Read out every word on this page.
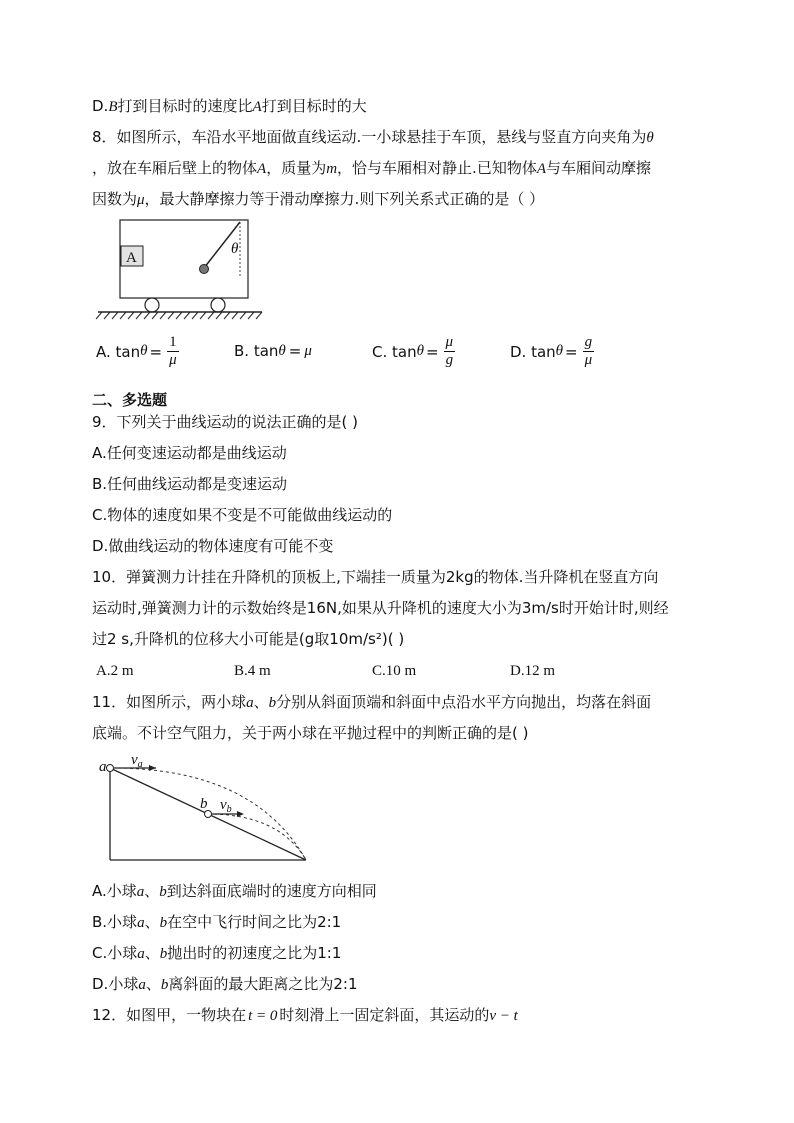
D.B打到目标时的速度比A打到目标时的大
8．如图所示，车沿水平地面做直线运动.一小球悬挂于车顶，悬线与竖直方向夹角为θ
，放在车厢后壁上的物体A，质量为m，恰与车厢相对静止.已知物体A与车厢间动摩擦
因数为μ，最大静摩擦力等于滑动摩擦力.则下列关系式正确的是（ ）
A
θ
A. $\tan \theta = \frac{1}{\mu}$	B. tan θ = μ	C. $\tan \theta = \frac{\mu}{g}$	D. $\tan \theta = \frac{g}{\mu}$
二、多选题
9．下列关于曲线运动的说法正确的是( )
A.任何变速运动都是曲线运动
B.任何曲线运动都是变速运动
C.物体的速度如果不变是不可能做曲线运动的
D.做曲线运动的物体速度有可能不变
10．弹簧测力计挂在升降机的顶板上,下端挂一质量为2kg的物体.当升降机在竖直方向
运动时,弹簧测力计的示数始终是16N,如果从升降机的速度大小为3m/s时开始计时,则经
过2 s,升降机的位移大小可能是(g取10m/s²)( )
A.2 m	B.4 m	C.10 m	D.12 m
11．如图所示，两小球a、b分别从斜面顶端和斜面中点沿水平方向抛出，均落在斜面
底端。不计空气阻力，关于两小球在平抛过程中的判断正确的是( )
a
b
$v_a$
$v_b$
A.小球a、b到达斜面底端时的速度方向相同
B.小球a、b在空中飞行时间之比为2:1
C.小球a、b抛出时的初速度之比为1:1
D.小球a、b离斜面的最大距离之比为2:1
12．如图甲，一物块在 t = 0 时刻滑上一固定斜面，其运动的v − t
